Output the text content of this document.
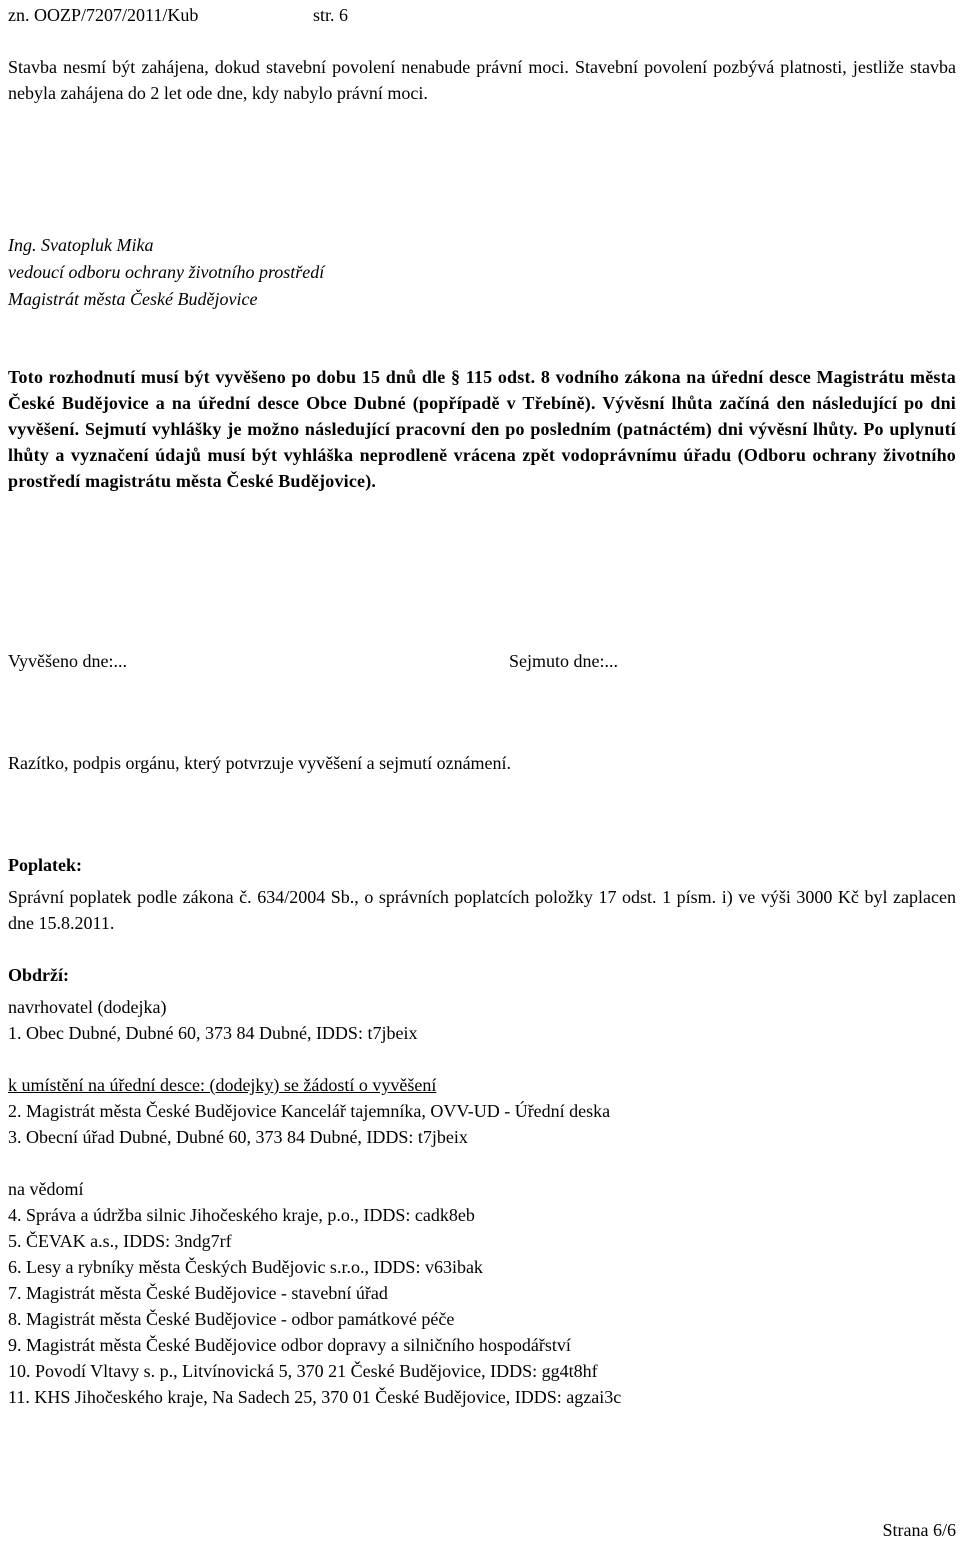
zn. OOZP/7207/2011/Kub	str. 6
Stavba nesmí být zahájena, dokud stavební povolení nenabude právní moci. Stavební povolení pozbývá platnosti, jestliže stavba nebyla zahájena do 2 let ode dne, kdy nabylo právní moci.
Ing. Svatopluk Mika
vedoucí odboru ochrany životního prostředí
Magistrát města České Budějovice
Toto rozhodnutí musí být vyvěšeno po dobu 15 dnů dle § 115 odst. 8 vodního zákona na úřední desce Magistrátu města České Budějovice a na úřední desce Obce Dubné (popřípadě v Třebíně). Vývěsní lhůta začíná den následující po dni vyvěšení. Sejmutí vyhlášky je možno následující pracovní den po posledním (patnáctém) dni vývěsní lhůty. Po uplynutí lhůty a vyznačení údajů musí být vyhláška neprodleně vrácena zpět vodoprávnímu úřadu (Odboru ochrany životního prostředí magistrátu města České Budějovice).
Vyvěšeno dne:...	Sejmuto dne:...
Razítko, podpis orgánu, který potvrzuje vyvěšení a sejmutí oznámení.
Poplatek:
Správní poplatek podle zákona č. 634/2004 Sb., o správních poplatcích položky 17 odst. 1 písm. i) ve výši 3000 Kč byl zaplacen dne 15.8.2011.
Obdrží:
navrhovatel (dodejka)
1. Obec Dubné, Dubné 60, 373 84 Dubné, IDDS: t7jbeix
k umístění na úřední desce: (dodejky) se žádostí o vyvěšení
2. Magistrát města České Budějovice Kancelář tajemníka, OVV-UD - Úřední deska
3. Obecní úřad Dubné, Dubné 60, 373 84 Dubné, IDDS: t7jbeix
na vědomí
4. Správa a údržba silnic Jihočeského kraje, p.o., IDDS: cadk8eb
5. ČEVAK a.s., IDDS: 3ndg7rf
6. Lesy a rybníky města Českých Budějovic s.r.o., IDDS: v63ibak
7. Magistrát města České Budějovice - stavební úřad
8. Magistrát města České Budějovice - odbor památkové péče
9. Magistrát města České Budějovice odbor dopravy a silničního hospodářství
10. Povodí Vltavy s. p., Litvínovická 5, 370 21 České Budějovice, IDDS: gg4t8hf
11. KHS Jihočeského kraje, Na Sadech 25, 370 01 České Budějovice, IDDS: agzai3c
Strana 6/6
